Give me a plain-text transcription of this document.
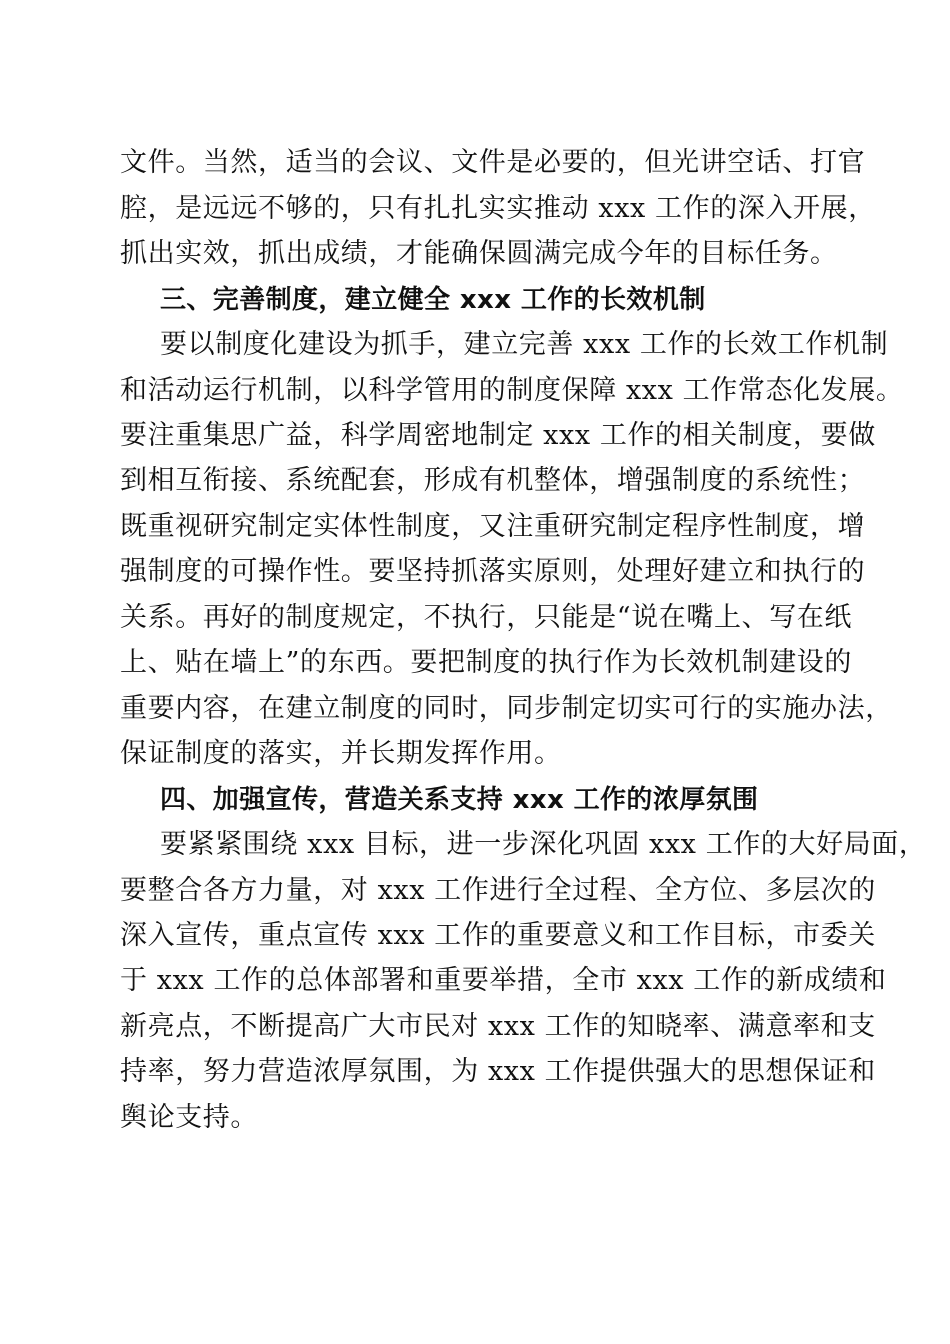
文件。当然，适当的会议、文件是必要的，但光讲空话、打官
腔，是远远不够的，只有扎扎实实推动 xxx 工作的深入开展，
抓出实效，抓出成绩，才能确保圆满完成今年的目标任务。
三、完善制度，建立健全 xxx 工作的长效机制
要以制度化建设为抓手，建立完善 xxx 工作的长效工作机制
和活动运行机制，以科学管用的制度保障 xxx 工作常态化发展。
要注重集思广益，科学周密地制定 xxx 工作的相关制度，要做
到相互衔接、系统配套，形成有机整体，增强制度的系统性；
既重视研究制定实体性制度，又注重研究制定程序性制度，增
强制度的可操作性。要坚持抓落实原则，处理好建立和执行的
关系。再好的制度规定，不执行，只能是“说在嘴上、写在纸
上、贴在墙上”的东西。要把制度的执行作为长效机制建设的
重要内容，在建立制度的同时，同步制定切实可行的实施办法，
保证制度的落实，并长期发挥作用。
四、加强宣传，营造关系支持 xxx 工作的浓厚氛围
要紧紧围绕 xxx 目标，进一步深化巩固 xxx 工作的大好局面，
要整合各方力量，对 xxx 工作进行全过程、全方位、多层次的
深入宣传，重点宣传 xxx 工作的重要意义和工作目标，市委关
于 xxx 工作的总体部署和重要举措，全市 xxx 工作的新成绩和
新亮点，不断提高广大市民对 xxx 工作的知晓率、满意率和支
持率，努力营造浓厚氛围，为 xxx 工作提供强大的思想保证和
舆论支持。
